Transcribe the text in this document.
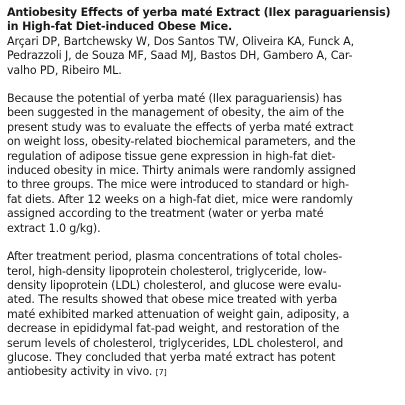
Antiobesity Effects of yerba maté Extract (Ilex paraguariensis)
in High-fat Diet-induced Obese Mice.
Arçari DP, Bartchewsky W, Dos Santos TW, Oliveira KA, Funck A,
Pedrazzoli J, de Souza MF, Saad MJ, Bastos DH, Gambero A, Car-
valho PD, Ribeiro ML.
Because the potential of yerba maté (Ilex paraguariensis) has
been suggested in the management of obesity, the aim of the
present study was to evaluate the effects of yerba maté extract
on weight loss, obesity-related biochemical parameters, and the
regulation of adipose tissue gene expression in high-fat diet-
induced obesity in mice. Thirty animals were randomly assigned
to three groups. The mice were introduced to standard or high-
fat diets. After 12 weeks on a high-fat diet, mice were randomly
assigned according to the treatment (water or yerba maté
extract 1.0 g/kg).
After treatment period, plasma concentrations of total choles-
terol, high-density lipoprotein cholesterol, triglyceride, low-
density lipoprotein (LDL) cholesterol, and glucose were evalu-
ated. The results showed that obese mice treated with yerba
maté exhibited marked attenuation of weight gain, adiposity, a
decrease in epididymal fat-pad weight, and restoration of the
serum levels of cholesterol, triglycerides, LDL cholesterol, and
glucose. They concluded that yerba maté extract has potent
antiobesity activity in vivo. [7]
